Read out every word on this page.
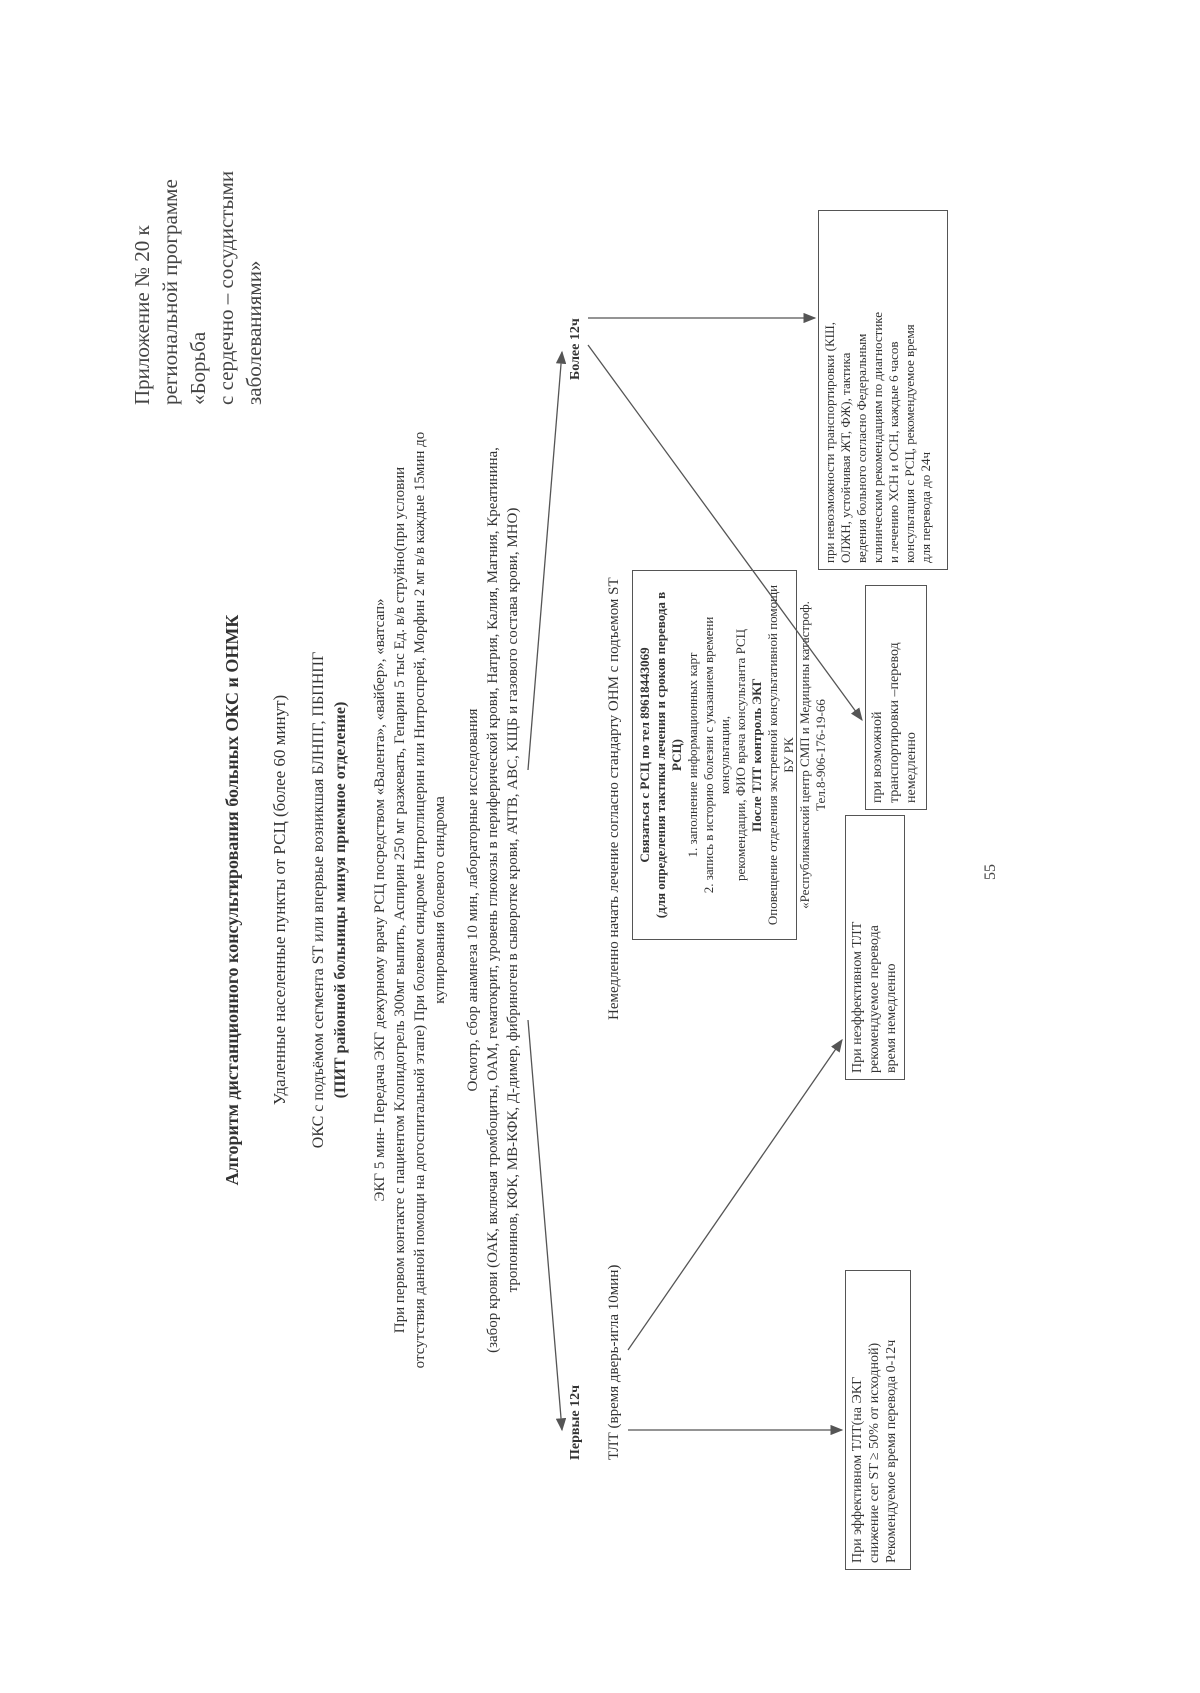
Приложение № 20 к региональной программе «Борьба с сердечно – сосудистыми заболеваниями»
Алгоритм дистанционного консультирования больных ОКС и ОНМК Удаленные населенные пункты от РСЦ (более 60 минут) ОКС с подъёмом сегмента ST или впервые возникшая БЛНПГ, ПБПНПГ (ПИТ районной больницы минуя приемное отделение) ЭКГ 5 мин- Передача ЭКГ дежурному врачу РСЦ посредством «Валента», «вайбер», «ватсап» При первом контакте с пациентом Клопидогрель 300мг выпить, Аспирин 250 мг разжевать, Гепарин 5 тыс Ед. в/в струйно(при условии отсутствия данной помощи на догоспитальной этапе) При болевом синдроме Нитроглицерин или Нитроспрей, Морфин 2 мг в/в каждые 15мин до купирования болевого синдрома Осмотр, сбор анамнеза 10 мин, лабораторные исследования (забор крови (ОАК, включая тромбоциты, ОАМ, гематокрит, уровень глюкозы в периферической крови, Натрия, Калия, Магния, Креатинина, тропонинов, КФК, МВ-КФК, Д-димер, фибриноген в сыворотке крови, АЧТВ, АВС, КЩБ и газового состава крови, МНО)
Первые 12ч
Более 12ч
ТЛТ (время дверь-игла 10мин)
Немедленно начать лечение согласно стандарту ОНМ с подъемом ST Связаться с РСЦ по тел 89618443069 (для определения тактики лечения и сроков перевода в РСЦ) 1. заполнение информационных карт 2. запись в историю болезни с указанием времени консультации, рекомендации, ФИО врача консультанта РСЦ После ТЛТ контроль ЭКГ Оповещение отделения экстренной консультативной помощи БУ РК «Республиканский центр СМП и Медицины катастроф. Тел.8-906-176-19-66
При эффективном ТЛТ(на ЭКГ снижение сег ST ≥ 50% от исходной) Рекомендуемое время перевода 0-12ч
При неэффективном ТЛТ рекомендуемое перевода время немедленно
при возможной транспортировки –перевод немедленно
при невозможности транспортировки (КШ, ОЛЖН, устойчивая ЖТ, ФЖ), тактика ведения больного согласно Федеральным клиническим рекомендациям по диагностике и лечению ХСН и ОСН, каждые 6 часов консультация с РСЦ, рекомендуемое время для перевода до 24ч
55
